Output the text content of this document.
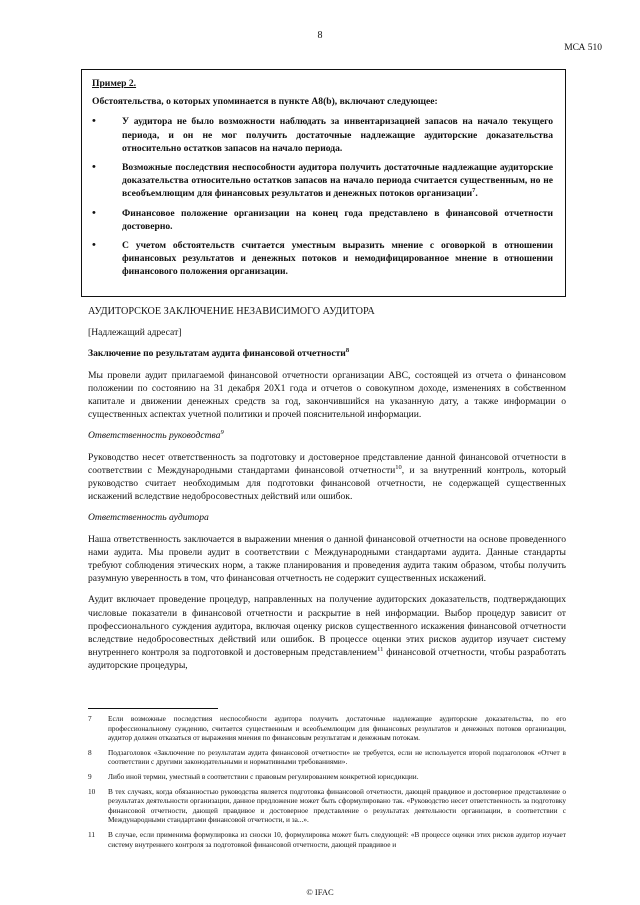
8
МСА 510
Пример 2.
Обстоятельства, о которых упоминается в пункте А8(b), включают следующее:
•	У аудитора не было возможности наблюдать за инвентаризацией запасов на начало текущего периода, и он не мог получить достаточные надлежащие аудиторские доказательства относительно остатков запасов на начало периода.
•	Возможные последствия неспособности аудитора получить достаточные надлежащие аудиторские доказательства относительно остатков запасов на начало периода считается существенным, но не всеобъемлющим для финансовых результатов и денежных потоков организации$^7$.
•	Финансовое положение организации на конец года представлено в финансовой отчетности достоверно.
•	С учетом обстоятельств считается уместным выразить мнение с оговоркой в отношении финансовых результатов и денежных потоков и немодифицированное мнение в отношении финансового положения организации.
АУДИТОРСКОЕ ЗАКЛЮЧЕНИЕ НЕЗАВИСИМОГО АУДИТОРА
[Надлежащий адресат]
Заключение по результатам аудита финансовой отчетности$^8$

Мы провели аудит прилагаемой финансовой отчетности организации АВС, состоящей из отчета о финансовом положении по состоянию на 31 декабря 20X1 года и отчетов о совокупном доходе, изменениях в собственном капитале и движении денежных средств за год, закончившийся на указанную дату, а также информации о существенных аспектах учетной политики и прочей пояснительной информации.

Ответственность руководства$^9$

Руководство несет ответственность за подготовку и достоверное представление данной финансовой отчетности в соответствии с Международными стандартами финансовой отчетности$^{10}$, и за внутренний контроль, который руководство считает необходимым для подготовки финансовой отчетности, не содержащей существенных искажений вследствие недобросовестных действий или ошибок.

Ответственность аудитора

Наша ответственность заключается в выражении мнения о данной финансовой отчетности на основе проведенного нами аудита. Мы провели аудит в соответствии с Международными стандартами аудита. Данные стандарты требуют соблюдения этических норм, а также планирования и проведения аудита таким образом, чтобы получить разумную уверенность в том, что финансовая отчетность не содержит существенных искажений.

Аудит включает проведение процедур, направленных на получение аудиторских доказательств, подтверждающих числовые показатели в финансовой отчетности и раскрытие в ней информации. Выбор процедур зависит от профессионального суждения аудитора, включая оценку рисков существенного искажения финансовой отчетности вследствие недобросовестных действий или ошибок. В процессе оценки этих рисков аудитор изучает систему внутреннего контроля за подготовкой и достоверным представлением$^{11}$ финансовой отчетности, чтобы разработать аудиторские процедуры,

7 Если возможные последствия неспособности аудитора получить достаточные надлежащие аудиторские доказательства, по его профессиональному суждению, считается существенным и всеобъемлющим для финансовых результатов и денежных потоков организации, аудитор должен отказаться от выражения мнения по финансовым результатам и денежным потокам.
8 Подзаголовок «Заключение по результатам аудита финансовой отчетности» не требуется, если не используется второй подзаголовок «Отчет в соответствии с другими законодательными и нормативными требованиями».
9 Либо иной термин, уместный в соответствии с правовым регулированием конкретной юрисдикции.
10 В тех случаях, когда обязанностью руководства является подготовка финансовой отчетности, дающей правдивое и достоверное представление о результатах деятельности организации, данное предложение может быть сформулировано так. «Руководство несет ответственность за подготовку финансовой отчетности, дающей правдивое и достоверное представление о результатах деятельности организации, в соответствии с Международными стандартами финансовой отчетности, и за...».
11 В случае, если применима формулировка из сноски 10, формулировка может быть следующей: «В процессе оценки этих рисков аудитор изучает систему внутреннего контроля за подготовкой финансовой отчетности, дающей правдивое и
© IFAC
